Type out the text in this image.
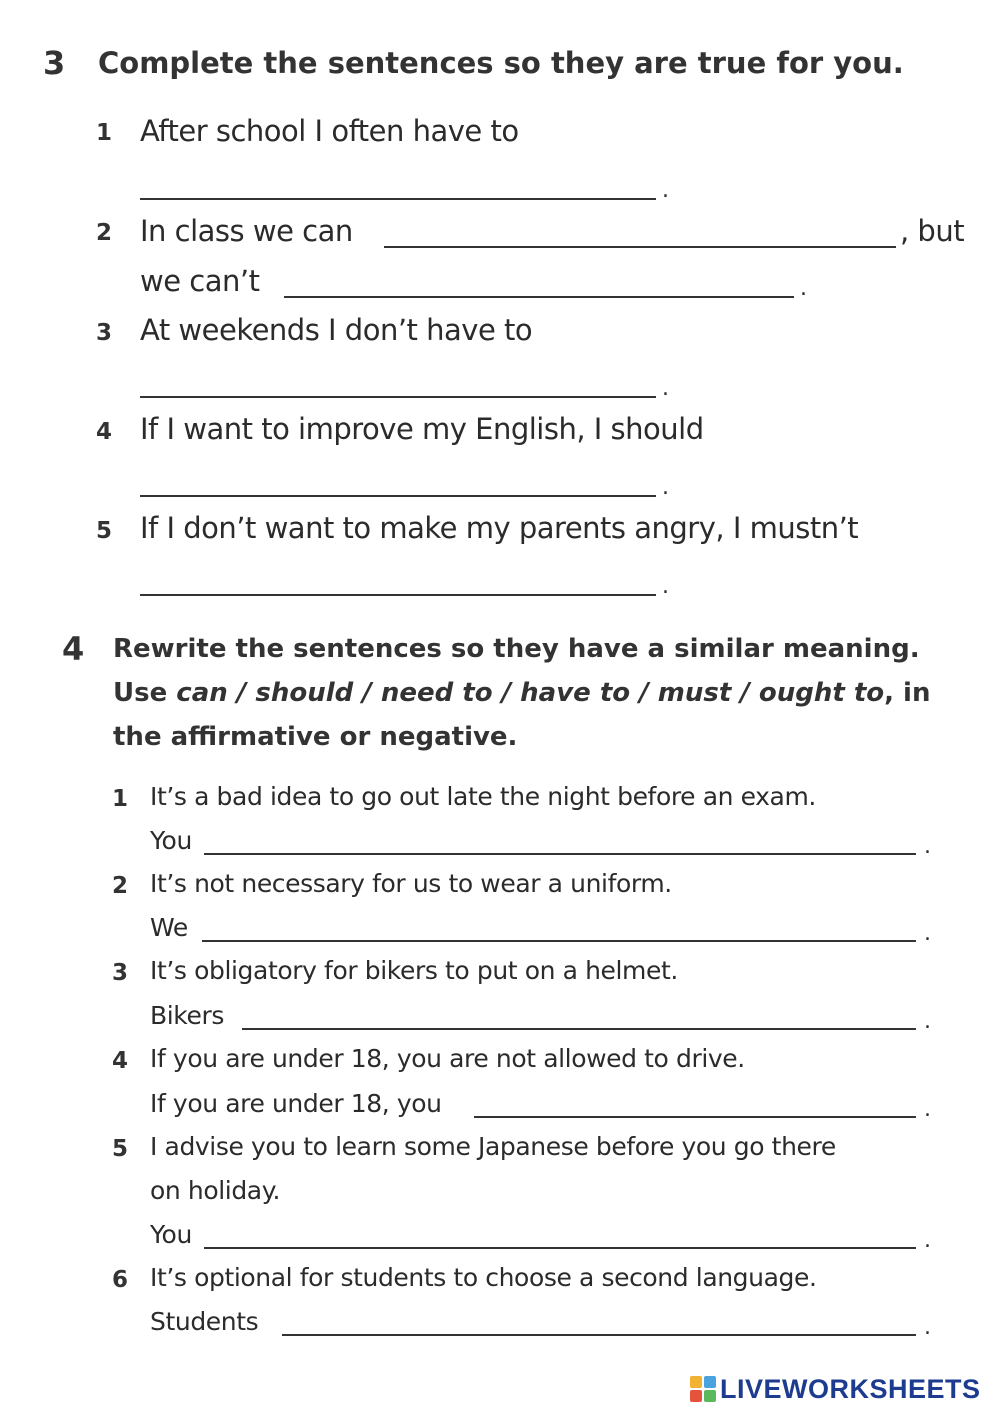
3 Complete the sentences so they are true for you.
1 After school I often have to
.
2 In class we can	, but
we can’t	.
3 At weekends I don’t have to
.
4 If I want to improve my English, I should
.
5 If I don’t want to make my parents angry, I mustn’t
.
4 Rewrite the sentences so they have a similar meaning. Use can / should / need to / have to / must / ought to, in the affirmative or negative.
1 It’s a bad idea to go out late the night before an exam.
You	.
2 It’s not necessary for us to wear a uniform.
We	.
3 It’s obligatory for bikers to put on a helmet.
Bikers	.
4 If you are under 18, you are not allowed to drive.
If you are under 18, you	.
5 I advise you to learn some Japanese before you go there
on holiday.
You	.
6 It’s optional for students to choose a second language.
Students	.
LIVEWORKSHEETS
